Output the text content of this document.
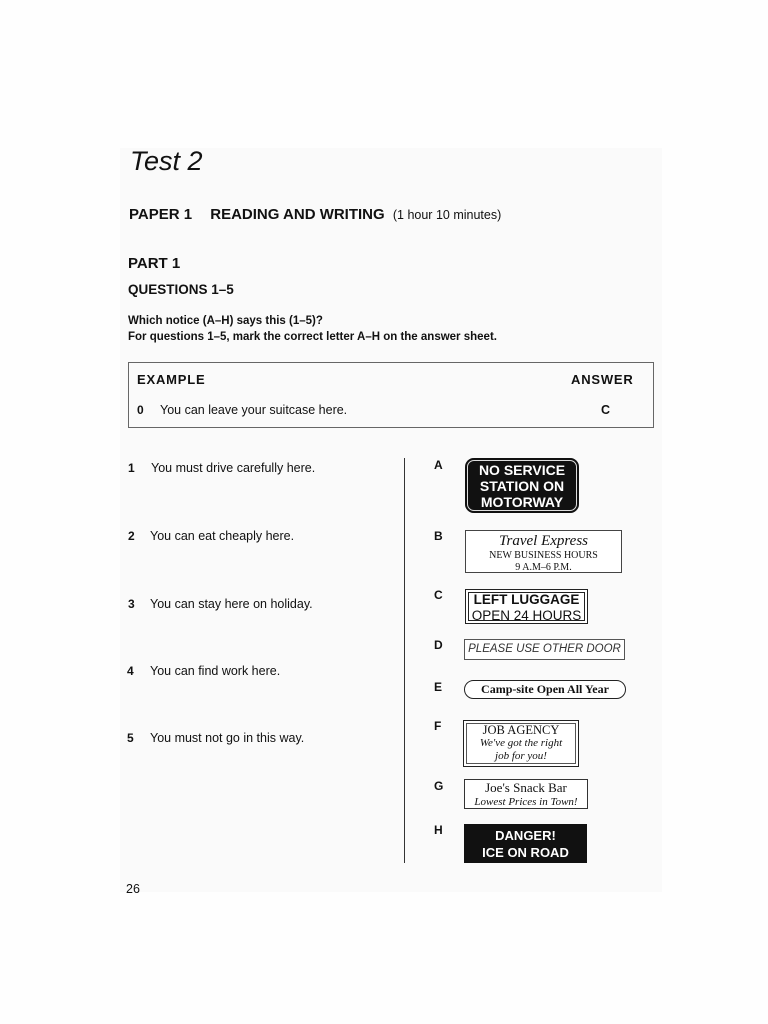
Test 2
PAPER 1 READING AND WRITING (1 hour 10 minutes)
PART 1
QUESTIONS 1–5
Which notice (A–H) says this (1–5)?
For questions 1–5, mark the correct letter A–H on the answer sheet.
EXAMPLE	ANSWER
0 You can leave your suitcase here.	C
1 You must drive carefully here.
2 You can eat cheaply here.
3 You can stay here on holiday.
4 You can find work here.
5 You must not go in this way.
A
B
C
D
E
F
G
H
NO SERVICE
STATION ON
MOTORWAY
Travel Express
NEW BUSINESS HOURS
9 A.M–6 P.M.
LEFT LUGGAGE
OPEN 24 HOURS
PLEASE USE OTHER DOOR
Camp-site Open All Year
JOB AGENCY
We've got the right
job for you!
Joe's Snack Bar
Lowest Prices in Town!
DANGER!
ICE ON ROAD
26
